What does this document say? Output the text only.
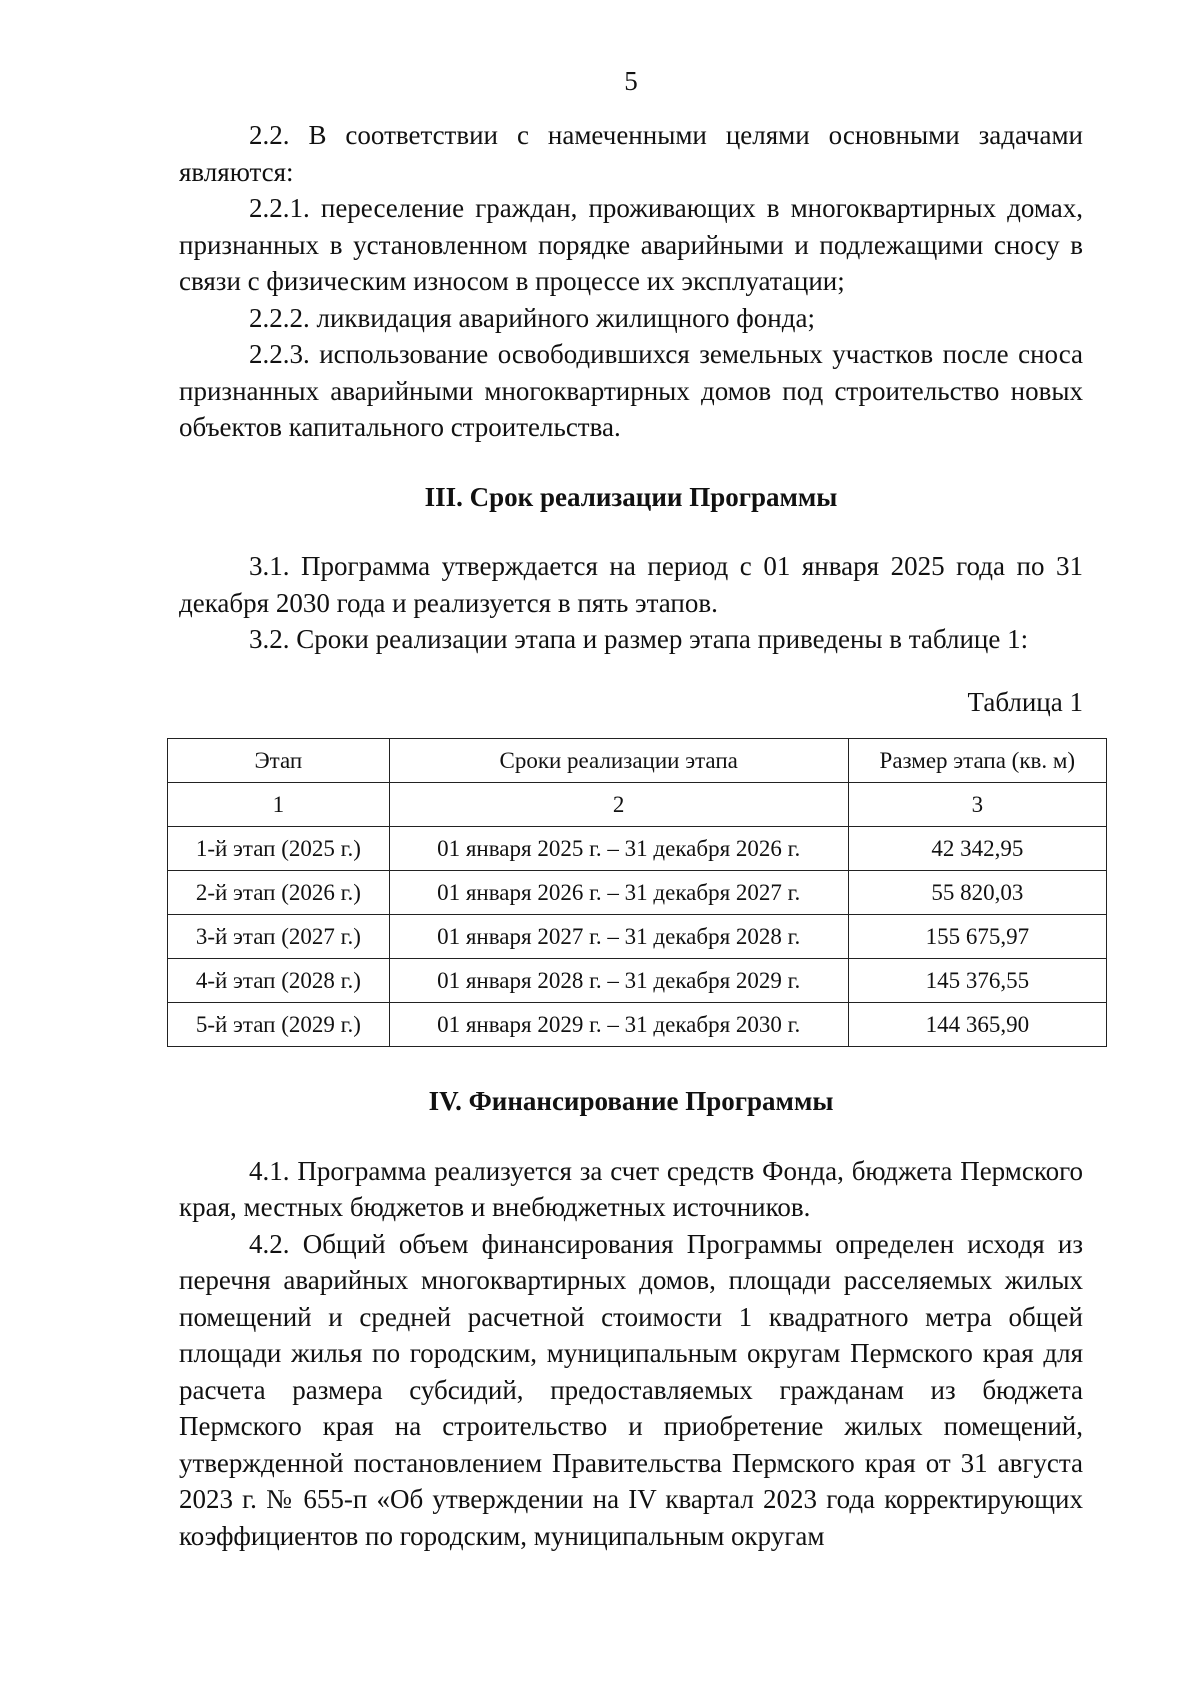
5

2.2. В соответствии с намеченными целями основными задачами являются:

2.2.1. переселение граждан, проживающих в многоквартирных домах, признанных в установленном порядке аварийными и подлежащими сносу в связи с физическим износом в процессе их эксплуатации;

2.2.2. ликвидация аварийного жилищного фонда;

2.2.3. использование освободившихся земельных участков после сноса признанных аварийными многоквартирных домов под строительство новых объектов капитального строительства.

III. Срок реализации Программы

3.1. Программа утверждается на период с 01 января 2025 года по 31 декабря 2030 года и реализуется в пять этапов.

3.2. Сроки реализации этапа и размер этапа приведены в таблице 1:

Таблица 1

Этап	Сроки реализации этапа	Размер этапа (кв. м)
1	2	3
1-й этап (2025 г.)	01 января 2025 г. – 31 декабря 2026 г.	42 342,95
2-й этап (2026 г.)	01 января 2026 г. – 31 декабря 2027 г.	55 820,03
3-й этап (2027 г.)	01 января 2027 г. – 31 декабря 2028 г.	155 675,97
4-й этап (2028 г.)	01 января 2028 г. – 31 декабря 2029 г.	145 376,55
5-й этап (2029 г.)	01 января 2029 г. – 31 декабря 2030 г.	144 365,90
IV. Финансирование Программы

4.1. Программа реализуется за счет средств Фонда, бюджета Пермского края, местных бюджетов и внебюджетных источников.

4.2. Общий объем финансирования Программы определен исходя из перечня аварийных многоквартирных домов, площади расселяемых жилых помещений и средней расчетной стоимости 1 квадратного метра общей площади жилья по городским, муниципальным округам Пермского края для расчета размера субсидий, предоставляемых гражданам из бюджета Пермского края на строительство и приобретение жилых помещений, утвержденной постановлением Правительства Пермского края от 31 августа 2023 г. № 655-п «Об утверждении на IV квартал 2023 года корректирующих коэффициентов по городским, муниципальным округам
